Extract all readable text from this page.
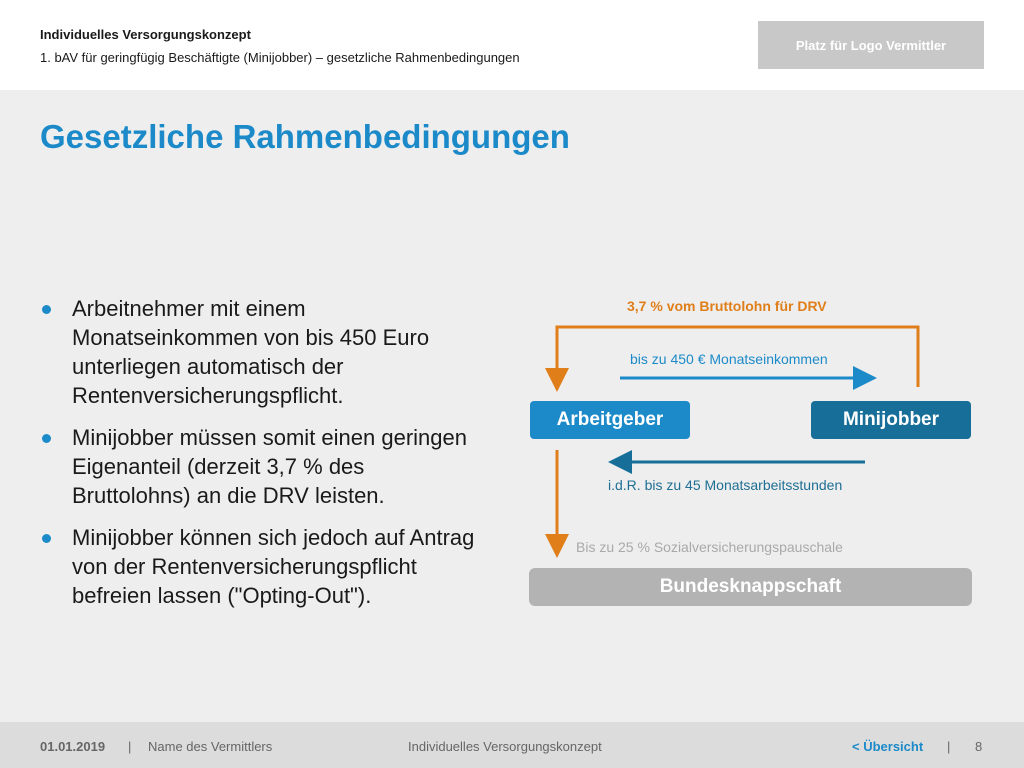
Individuelles Versorgungskonzept
1. bAV für geringfügig Beschäftigte (Minijobber) – gesetzliche Rahmenbedingungen
Platz für Logo Vermittler
Gesetzliche Rahmenbedingungen
Arbeitnehmer mit einem Monatseinkommen von bis 450 Euro unterliegen automatisch der Rentenversicherungspflicht.
Minijobber müssen somit einen geringen Eigenanteil (derzeit 3,7 % des Bruttolohns) an die DRV leisten.
Minijobber können sich jedoch auf Antrag von der Rentenversicherungspflicht befreien lassen ("Opting-Out").
3,7 % vom Bruttolohn für DRV
bis zu 450 € Monatseinkommen
Arbeitgeber	Minijobber
i.d.R. bis zu 45 Monatsarbeitsstunden
Bis zu 25 % Sozialversicherungspauschale
Bundesknappschaft
01.01.2019 | Name des Vermittlers	Individuelles Versorgungskonzept	< Übersicht | 8
